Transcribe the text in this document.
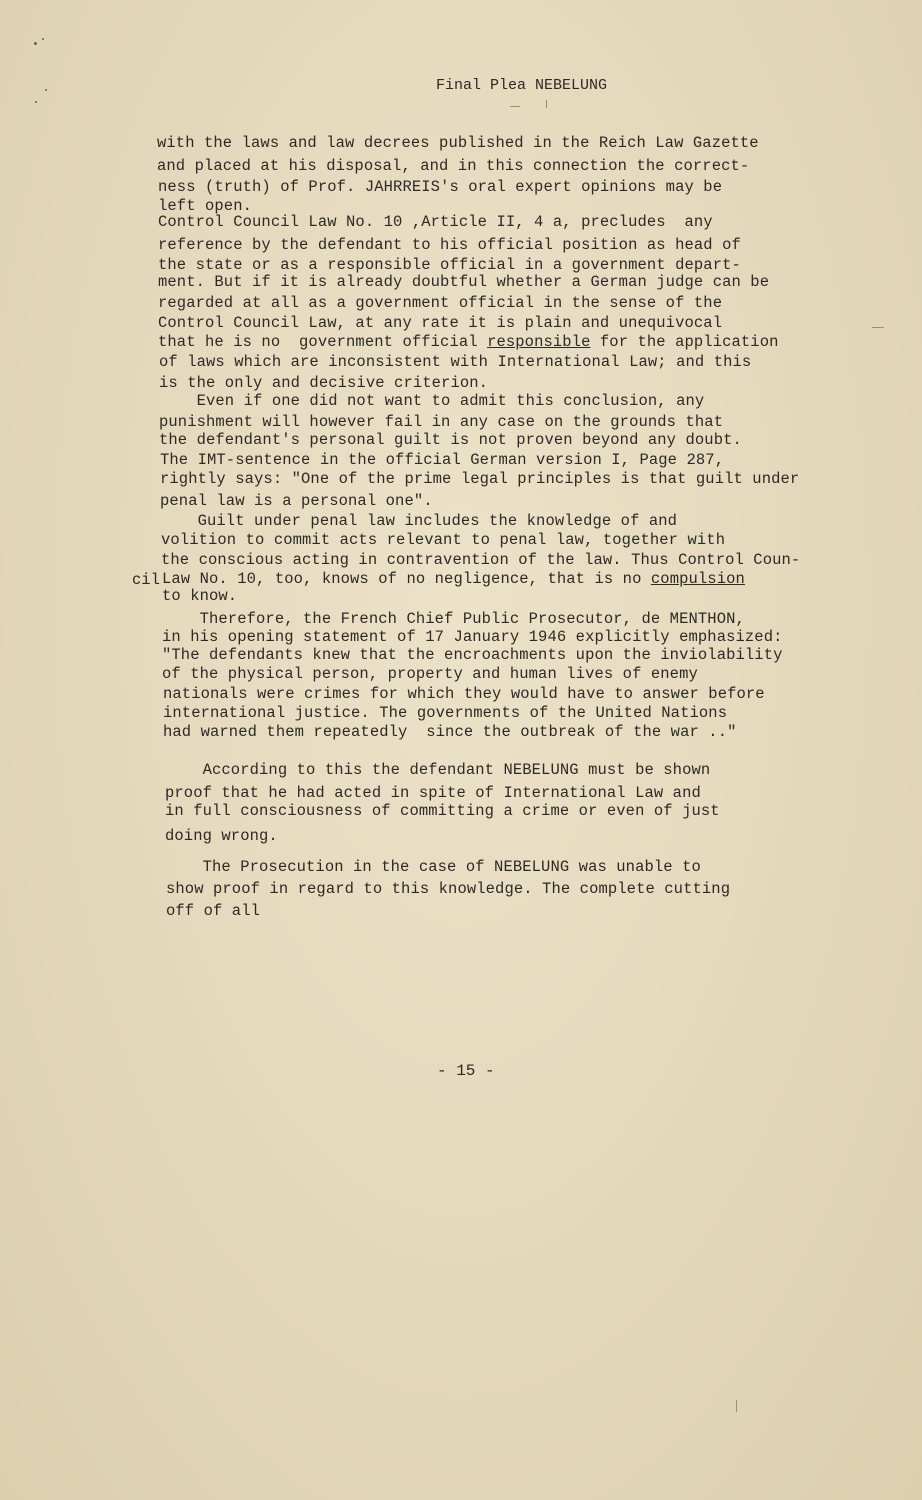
Final Plea NEBELUNG
with the laws and law decrees published in the Reich Law Gazette
and placed at his disposal, and in this connection the correct-
ness (truth) of Prof. JAHRREIS's oral expert opinions may be
left open.
Control Council Law No. 10 ,Article II, 4 a, precludes  any
reference by the defendant to his official position as head of
the state or as a responsible official in a government depart-
ment. But if it is already doubtful whether a German judge can be
regarded at all as a government official in the sense of the
Control Council Law, at any rate it is plain and unequivocal
that he is no  government official responsible for the application
of laws which are inconsistent with International Law; and this
is the only and decisive criterion.
Even if one did not want to admit this conclusion, any
punishment will however fail in any case on the grounds that
the defendant's personal guilt is not proven beyond any doubt.
The IMT-sentence in the official German version I, Page 287,
rightly says: "One of the prime legal principles is that guilt under
penal law is a personal one".
Guilt under penal law includes the knowledge of and
volition to commit acts relevant to penal law, together with
the conscious acting in contravention of the law. Thus Control Coun-
cil Law No. 10, too, knows of no negligence, that is no compulsion
to know.
Therefore, the French Chief Public Prosecutor, de MENTHON,
in his opening statement of 17 January 1946 explicitly emphasized:
"The defendants knew that the encroachments upon the inviolability
of the physical person, property and human lives of enemy
nationals were crimes for which they would have to answer before
international justice. The governments of the United Nations
had warned them repeatedly  since the outbreak of the war .."
According to this the defendant NEBELUNG must be shown
proof that he had acted in spite of International Law and
in full consciousness of committing a crime or even of just
doing wrong.
The Prosecution in the case of NEBELUNG was unable to
show proof in regard to this knowledge. The complete cutting
off of all
- 15 -
